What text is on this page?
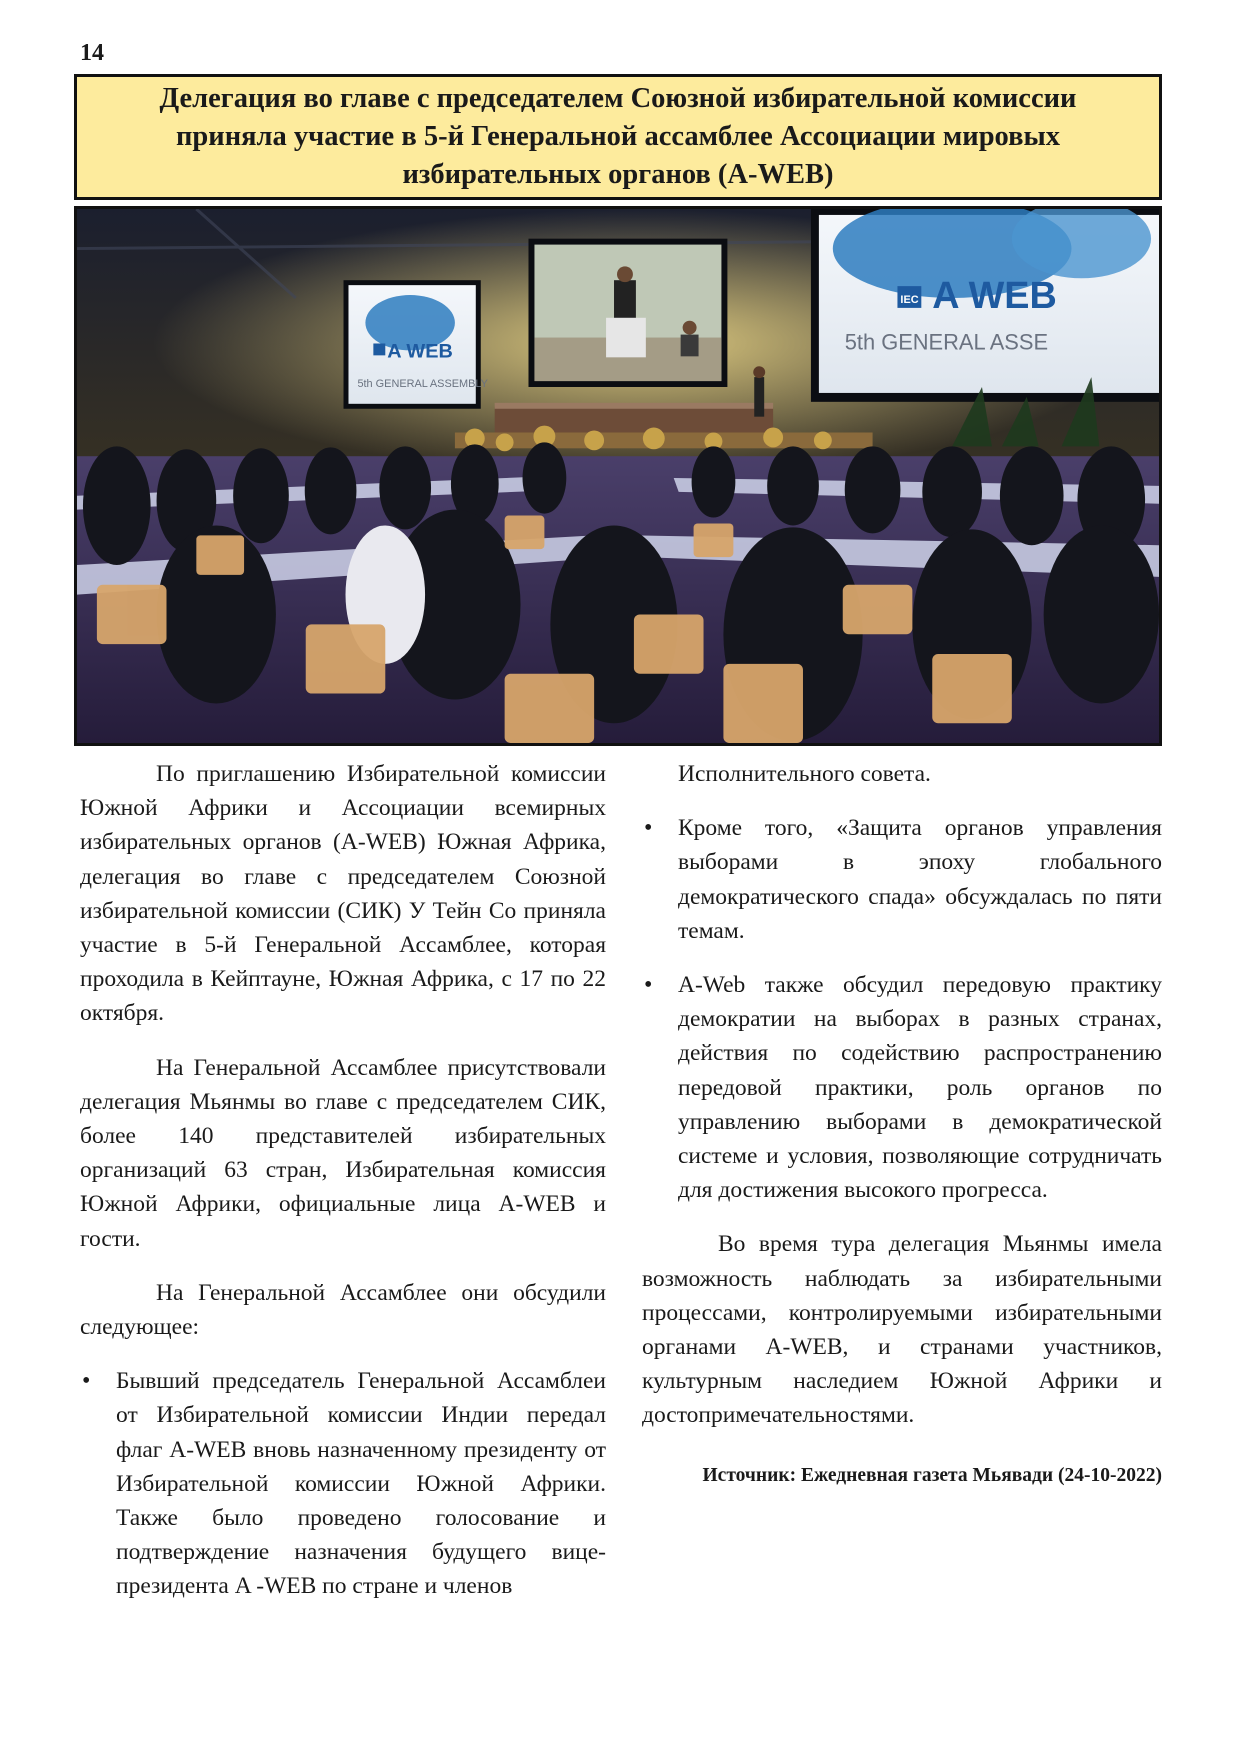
14
Делегация во главе с председателем Союзной избирательной комиссии приняла участие в 5-й Генеральной ассамблее Ассоциации мировых избирательных органов (A-WEB)
A WEB
5th GENERAL ASSEMBLY
IEC A WEB
5th GENERAL ASSE

По приглашению Избирательной комиссии Южной Африки и Ассоциации всемирных избирательных органов (A-WEB) Южная Африка, делегация во главе с председателем Союзной избирательной комиссии (СИК) У Тейн Со приняла участие в 5-й Генеральной Ассамблее, которая проходила в Кейптауне, Южная Африка, с 17 по 22 октября.

На Генеральной Ассамблее присутствовали делегация Мьянмы во главе с председателем СИК, более 140 представителей избирательных организаций 63 стран, Избирательная комиссия Южной Африки, официальные лица A-WEB и гости.

На Генеральной Ассамблее они обсудили следующее:

• Бывший председатель Генеральной Ассамблеи от Избирательной комиссии Индии передал флаг A-WEB вновь назначенному президенту от Избирательной комиссии Южной Африки. Также было проведено голосование и подтверждение назначения будущего вице-президента A -WEB по стране и членов

Исполнительного совета.

• Кроме того, «Защита органов управления выборами в эпоху глобального демократического спада» обсуждалась по пяти темам.
• A-Web также обсудил передовую практику демократии на выборах в разных странах, действия по содействию распространению передовой практики, роль органов по управлению выборами в демократической системе и условия, позволяющие сотрудничать для достижения высокого прогресса.

Во время тура делегация Мьянмы имела возможность наблюдать за избирательными процессами, контролируемыми избирательными органами A-WEB, и странами участников, культурным наследием Южной Африки и достопримечательностями.

Источник: Ежедневная газета Мьявади (24-10-2022)
